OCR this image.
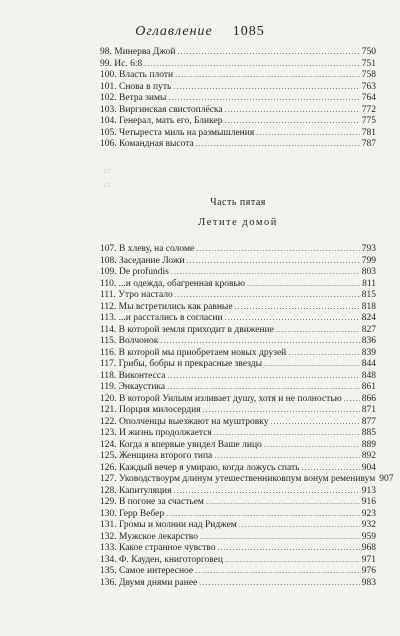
Оглавление 1085
98. Минерва Джой .....	750
99. Ис. 6:8 .....	751
100. Власть плоти .....	758
101. Снова в путь .....	763
102. Ветра зимы .....	764
103. Виргинская свистоплёска .....	772
104. Генерал, мать его, Бликер .....	775
105. Четыреста миль на размышления .....	781
106. Командная высота .....	787
сг
сг
Часть пятая
Летите домой
107. В хлеву, на соломе .....	793
108. Заседание Ложи .....	799
109. De profundis .....	803
110. ...и одежда, обагренная кровью .....	811
111. Утро настало .....	815
112. Мы встретились как равные .....	818
113. ...и расстались в согласии .....	824
114. В которой земля приходит в движение .....	827
115. Волчонок .....	836
116. В которой мы приобретаем новых друзей .....	839
117. Грибы, бобры и прекрасные звезды .....	844
118. Виконтесса .....	848
119. Энкаустика .....	861
120. В которой Уильям изливает душу, хотя и не полностью ..... 866
121. Порция милосердия .....	871
122. Ополченцы выезжают на муштровку .....	877
123. И жизнь продолжается .....	885
124. Когда я впервые увидел Ваше лицо .....	889
125. Женщина второго типа .....	892
126. Каждый вечер я умираю, когда ложусь спать .....	904
127. Уководствоурм длинум утешественниковпум вонум ременивум 907
128. Капитуляция .....	913
129. В погоне за счастьем .....	916
130. Герр Вебер .....	923
131. Громы и молнии над Риджем .....	932
132. Мужское лекарство .....	959
133. Какое странное чувство .....	968
134. Ф. Кауден, книготорговец .....	971
135. Самое интересное .....	976
136. Двумя днями ранее .....	983
